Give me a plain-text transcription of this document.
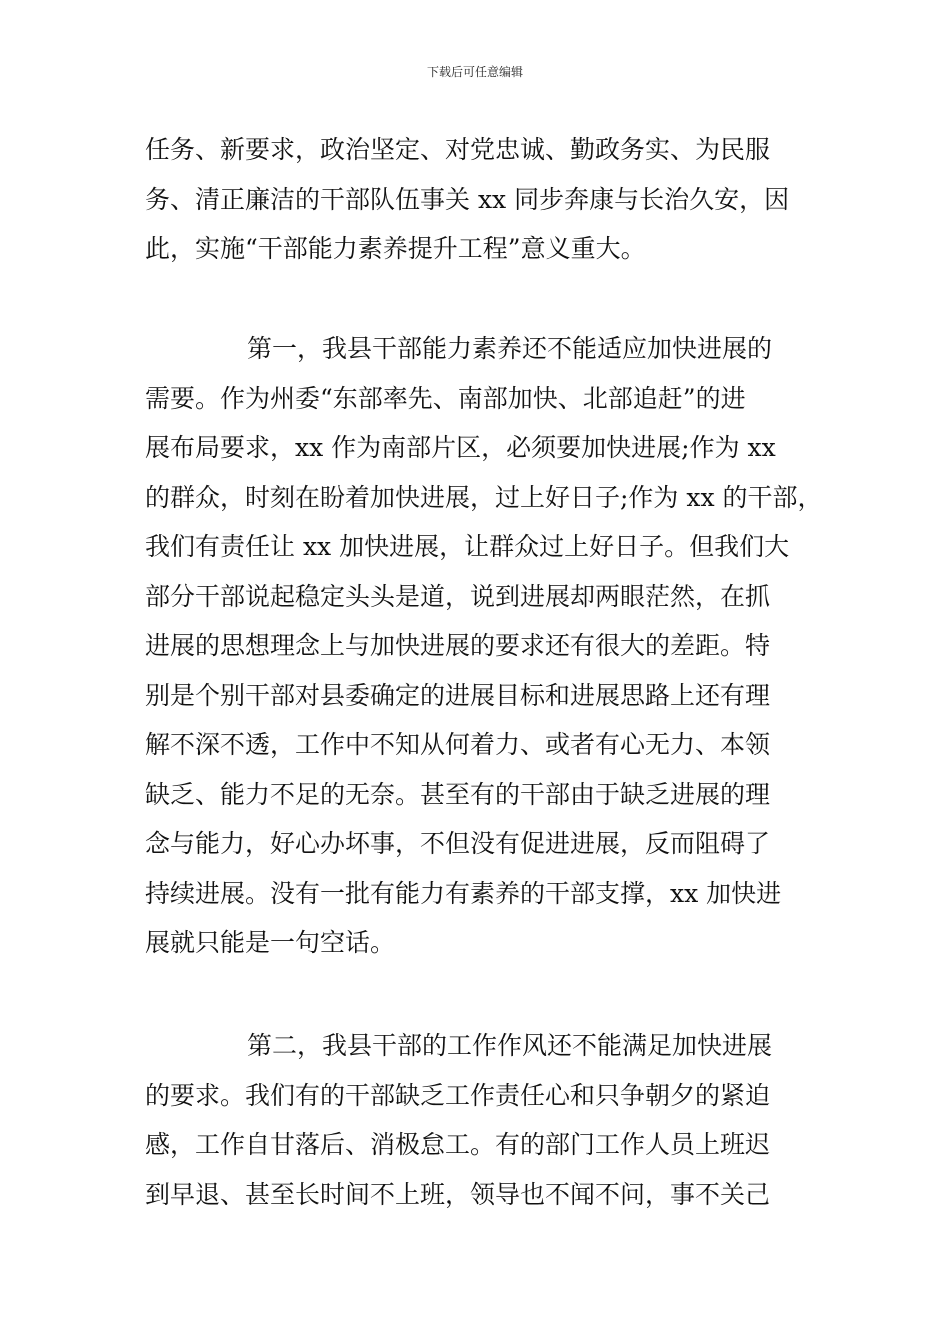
下载后可任意编辑
任务、新要求，政治坚定、对党忠诚、勤政务实、为民服
务、清正廉洁的干部队伍事关 xx 同步奔康与长治久安，因
此，实施“干部能力素养提升工程”意义重大。
第一，我县干部能力素养还不能适应加快进展的
需要。作为州委“东部率先、南部加快、北部追赶”的进
展布局要求，xx 作为南部片区，必须要加快进展;作为 xx
的群众，时刻在盼着加快进展，过上好日子;作为 xx 的干部，
我们有责任让 xx 加快进展，让群众过上好日子。但我们大
部分干部说起稳定头头是道，说到进展却两眼茫然，在抓
进展的思想理念上与加快进展的要求还有很大的差距。特
别是个别干部对县委确定的进展目标和进展思路上还有理
解不深不透，工作中不知从何着力、或者有心无力、本领
缺乏、能力不足的无奈。甚至有的干部由于缺乏进展的理
念与能力，好心办坏事，不但没有促进进展，反而阻碍了
持续进展。没有一批有能力有素养的干部支撑，xx 加快进
展就只能是一句空话。
第二，我县干部的工作作风还不能满足加快进展
的要求。我们有的干部缺乏工作责任心和只争朝夕的紧迫
感，工作自甘落后、消极怠工。有的部门工作人员上班迟
到早退、甚至长时间不上班，领导也不闻不问，事不关己
